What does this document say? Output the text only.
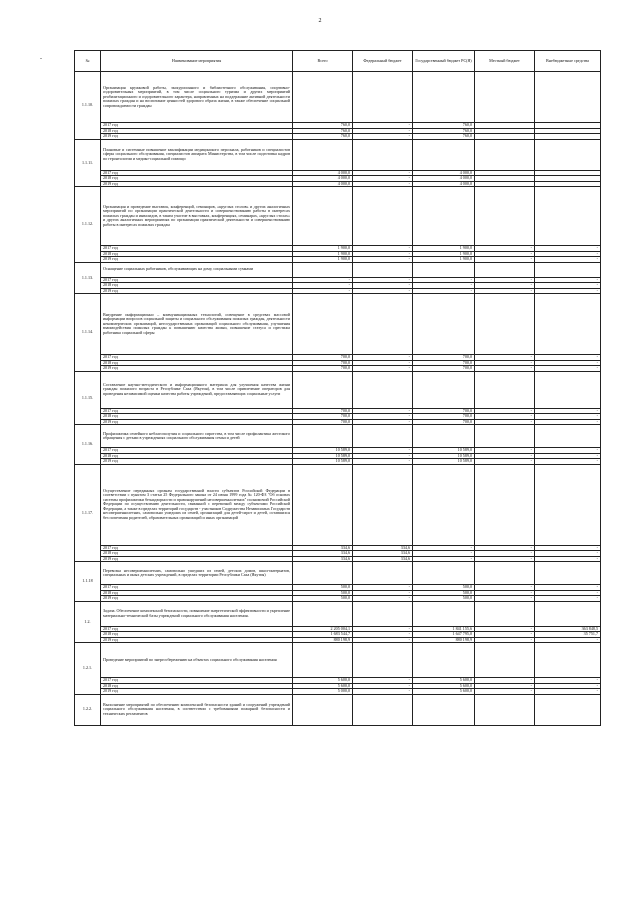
2
-	№	Наименование мероприятия	Всего	Федеральный бюджет	Государственный бюджет РС(Я)	Местный бюджет	Внебюджетные средства
1.1.10.	Организация кружковой работы, экскурсионного и библиотечного обслуживания, спортивно-оздоровительных мероприятий, в том числе социального туризма и других мероприятий реабилитационного и оздоровительного характера, направленных на поддержание активной деятельности пожилых граждан и на воспитание ценностей здорового образа жизни, в также обеспечение социальной сопровождаемости граждан					
	2017 год	760,0	-	760,0		
	2018 год	760,0	-	760,0		
	2019 год	760,0	-	760,0		
1.1.11.	Плановые и системные повышение квалификации медицинского персонала, работников и специалистов сферы социального обслуживания, специалистов аппарата Министерства, в том числе подготовка кадров по геронтологии и медико-социальной помощи					
	2017 год	4 000,0	-	4 000,0		
	2018 год	4 000,0	-	4 000,0		
	2019 год	4 000,0	-	4 000,0		
1.1.12.	Организация и проведение выставок, конференций, семинаров, «круглых столов» и других аналогичных мероприятий по организации практической деятельности и совершенствованию работы в интересах пожилых граждан и инвалидов, в таким участие в выставках, конференциях, семинарах, «круглых столах» и других аналогичных мероприятиях по организации практической деятельности и совершенствованию работы в интересах пожилых граждан					
	2017 год	1 900,0	-	1 900,0	-	-
	2018 год	1 900,0	-	1 900,0	-	-
	2019 год	1 900,0	-	1 900,0	-	-
1.1.13.	Оснащение социальных работников, обслуживающих на дому, социальными сумками					
	2017 год	-	-	-	-	-
	2018 год	-	-	-	-	-
	2019 год	-	-	-	-	-
1.1.14.	Внедрение информационно – коммуникационных технологий, освещение в средствах массовой информации вопросов социальной защиты и социального обслуживания пожилых граждан, деятельности некоммерческих организаций, негосударственных организаций социального обслуживания, улучшения взаимодействия пожилых граждан к повышению качества жизни, повышение статуса и престижа работника социальной сферы					
	2017 год	700,0	-	700,0	-	-
	2018 год	700,0	-	700,0	-	-
	2019 год	700,0	-	700,0	-	-
1.1.15.	Составление научно-методического и информационного материала для улучшения качества жизни граждан пожилого возраста в Республике Саха (Якутия), в том числе привлечение операторов для проведения независимой оценки качества работы учреждений, предоставляющих социальные услуги					
	2017 год	700,0	-	700,0	-	-
	2018 год	700,0	-	700,0	-	-
	2019 год	700,0	-	700,0	-	-
1.1.16.	Профилактика семейного неблагополучия и социального сиротства, в том числе профилактика жестокого обращения с детьми в учреждениях социального обслуживания семьи и детей					
	2017 год	10 589,0	-	10 589,0	-	-
	2018 год	10 589,0	-	10 589,0	-	-
	2019 год	10 589,0	-	10 589,0	-	-
1.1.17.	Осуществление переданных органам государственной власти субъектов Российской Федерации в соответствии с пунктом 3 статьи 25 Федерального закона от 24 июня 1999 года № 120-ФЗ "Об основах системы профилактики безнадзорности и правонарушений несовершеннолетних" полномочий Российской Федерации по осуществлению деятельности, связанной с перевозкой между субъектами Российской Федерации, а также в пределах территорий государств - участников Содружества Независимых Государств несовершеннолетних, самовольно ушедших из семей, организаций для детей-сирот и детей, оставшихся без попечения родителей, образовательных организаций и иных организаций					
	2017 год	334,6	334,6	-	-	-
	2018 год	334,6	334,6	-	-	-
	2019 год	334,6	334,6	-	-	-
1.1.18	Перевозка несовершеннолетних, самовольно ушедших из семей, детских домов, школ-интернатов, специальных и иных детских учреждений, в пределах территории Республики Саха (Якутия)					
	2017 год	500,0	-	500,0	-	-
	2018 год	500,0	-	500,0	-	-
	2019 год	500,0	-	500,0	-	-
1.2.	Задача. Обеспечение комплексной безопасности, повышение энергетической эффективности и укрепление материально-технической базы учреждений социального обслуживания населения.					
	2017 год	2 205 004,1	-	1 841 155,6	-	363 848,5
	2018 год	1 683 544,7	-	1 647 795,0	-	35 751,7
	2019 год	880 198,9	-	880 198,9	-	-
1.2.1.	Проведение мероприятий по энергосбережению на объектах социального обслуживания населения					
	2017 год	5 600,0	-	5 600,0	-	-
	2018 год	5 600,0	-	5 600,0	-	-
	2019 год	5 000,0	-	5 600,0	-	-
1.2.2.	Выполнение мероприятий по обеспечению комплексной безопасности зданий и сооружений учреждений социального обслуживания населения, в соответствии с требованиями пожарной безопасности и технических регламентов					
